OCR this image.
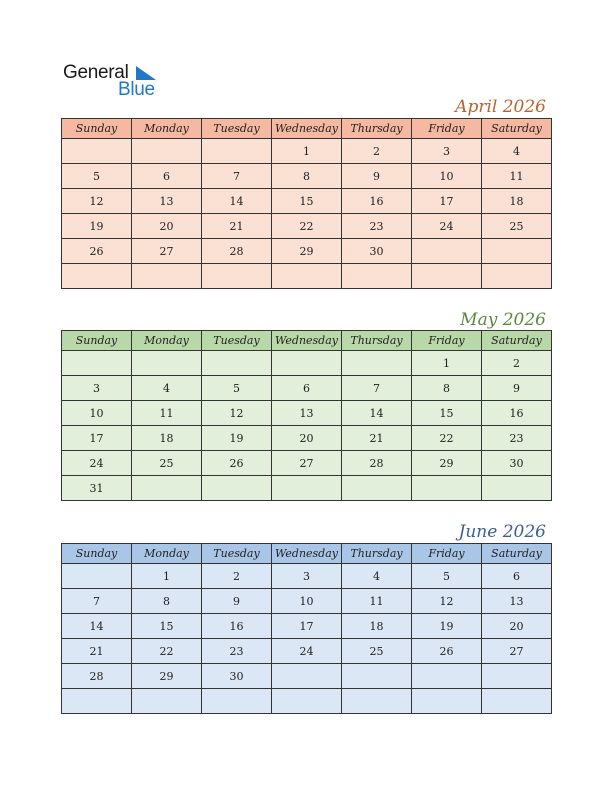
General
Blue
April 2026
Sunday	Monday	Tuesday	Wednesday	Thursday	Friday	Saturday
			1	2	3	4
5	6	7	8	9	10	11
12	13	14	15	16	17	18
19	20	21	22	23	24	25
26	27	28	29	30		

May 2026
Sunday	Monday	Tuesday	Wednesday	Thursday	Friday	Saturday
					1	2
3	4	5	6	7	8	9
10	11	12	13	14	15	16
17	18	19	20	21	22	23
24	25	26	27	28	29	30
31						
June 2026
Sunday	Monday	Tuesday	Wednesday	Thursday	Friday	Saturday
	1	2	3	4	5	6
7	8	9	10	11	12	13
14	15	16	17	18	19	20
21	22	23	24	25	26	27
28	29	30				
